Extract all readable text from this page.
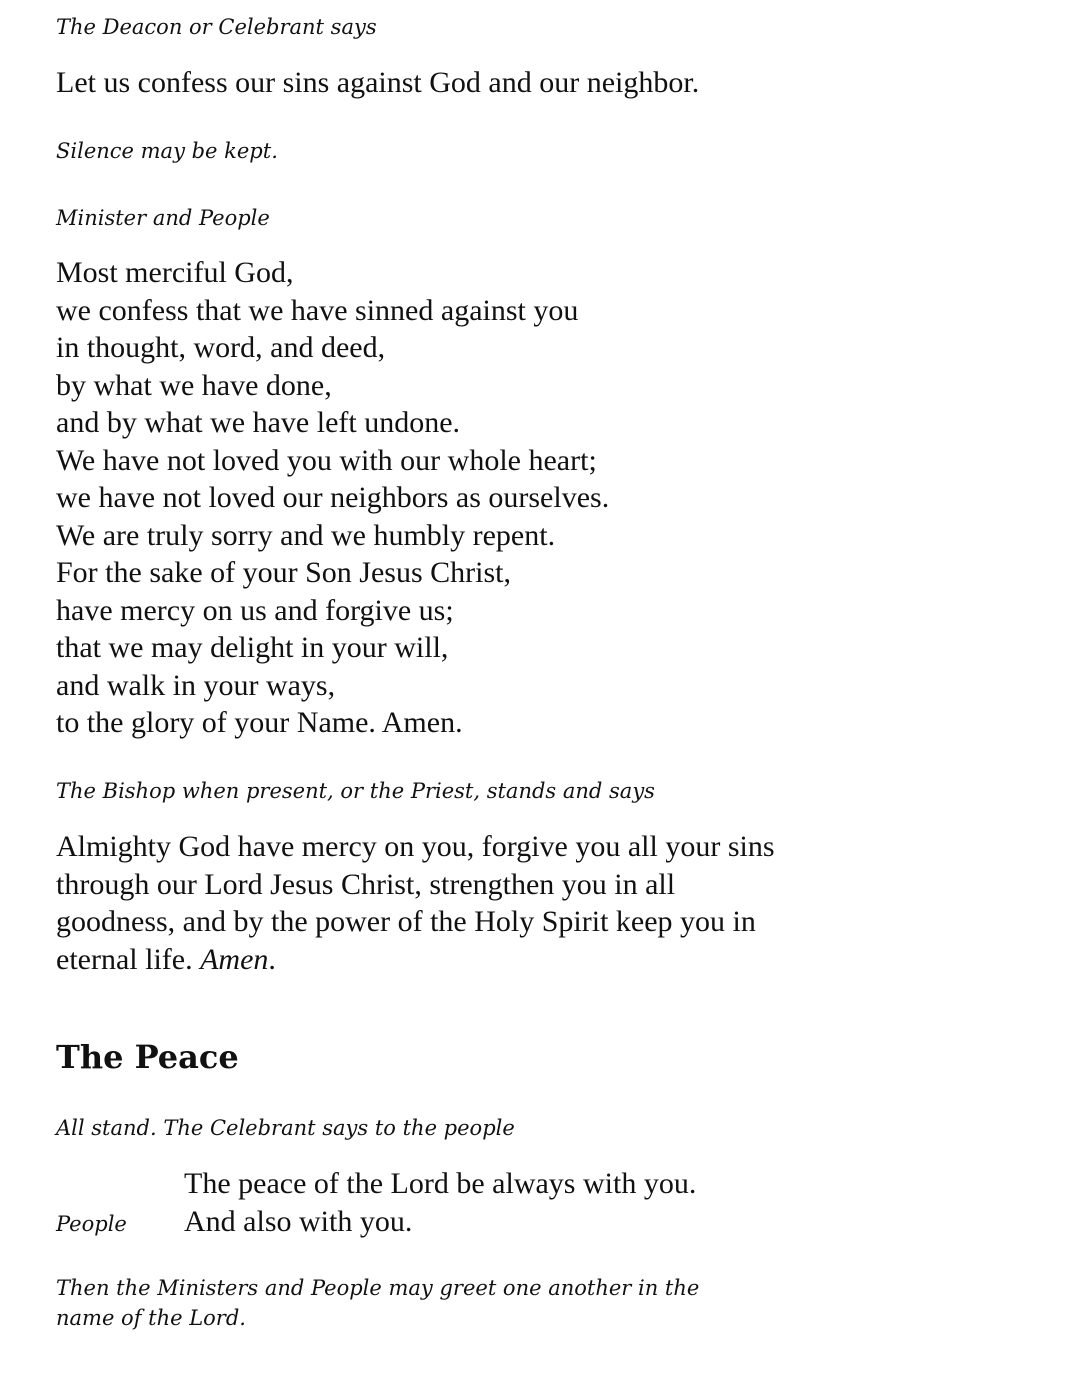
The Deacon or Celebrant says

Let us confess our sins against God and our neighbor.

Silence may be kept.

Minister and People

Most merciful God,
we confess that we have sinned against you
in thought, word, and deed,
by what we have done,
and by what we have left undone.
We have not loved you with our whole heart;
we have not loved our neighbors as ourselves.
We are truly sorry and we humbly repent.
For the sake of your Son Jesus Christ,
have mercy on us and forgive us;
that we may delight in your will,
and walk in your ways,
to the glory of your Name. Amen.

The Bishop when present, or the Priest, stands and says

Almighty God have mercy on you, forgive you all your sins
through our Lord Jesus Christ, strengthen you in all
goodness, and by the power of the Holy Spirit keep you in
eternal life. Amen.
The Peace

All stand. The Celebrant says to the people

The peace of the Lord be always with you.
People	And also with you.
Then the Ministers and People may greet one another in the
name of the Lord.
